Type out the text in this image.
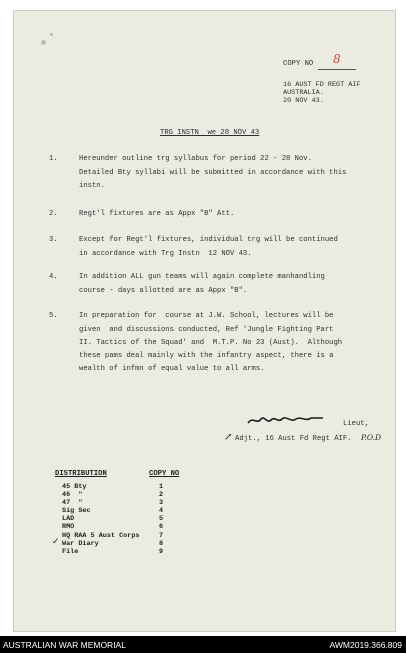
COPY NO 8
16 AUST FD REGT AIF
AUSTRALIA.
20 NOV 43.
TRG INSTN  we 28 NOV 43
1.	Hereunder outline trg syllabus for period 22 - 28 Nov.
Detailed Bty syllabi will be submitted in accordance with this
instn.
2.	Regt'l fixtures are as Appx "B" Att.
3.	Except for Regt'l fixtures, individual trg will be continued
in accordance with Trg Instn  12 NOV 43.
4.	In addition ALL gun teams will again complete manhandling
course - days allotted are as Appx "B".
5.	In preparation for  course at J.W. School, lectures will be
given  and discussions conducted, Ref 'Jungle Fighting Part
II. Tactics of the Squad' and  M.T.P. No 23 (Aust).  Although
these pams deal mainly with the infantry aspect, there is a
wealth of infmn of equal value to all arms.
Lieut,
Adjt., 16 Aust Fd Regt AIF.
↗	P.O.D
DISTRIBUTION	COPY NO
45 Bty	1
46  "	2
47  "	3
Sig Sec	4
LAD	5
RMO	6
HQ RAA 5 Aust Corps	7
✓ War Diary	8
File	9
AUSTRALIAN WAR MEMORIAL	AWM2019.366.809
